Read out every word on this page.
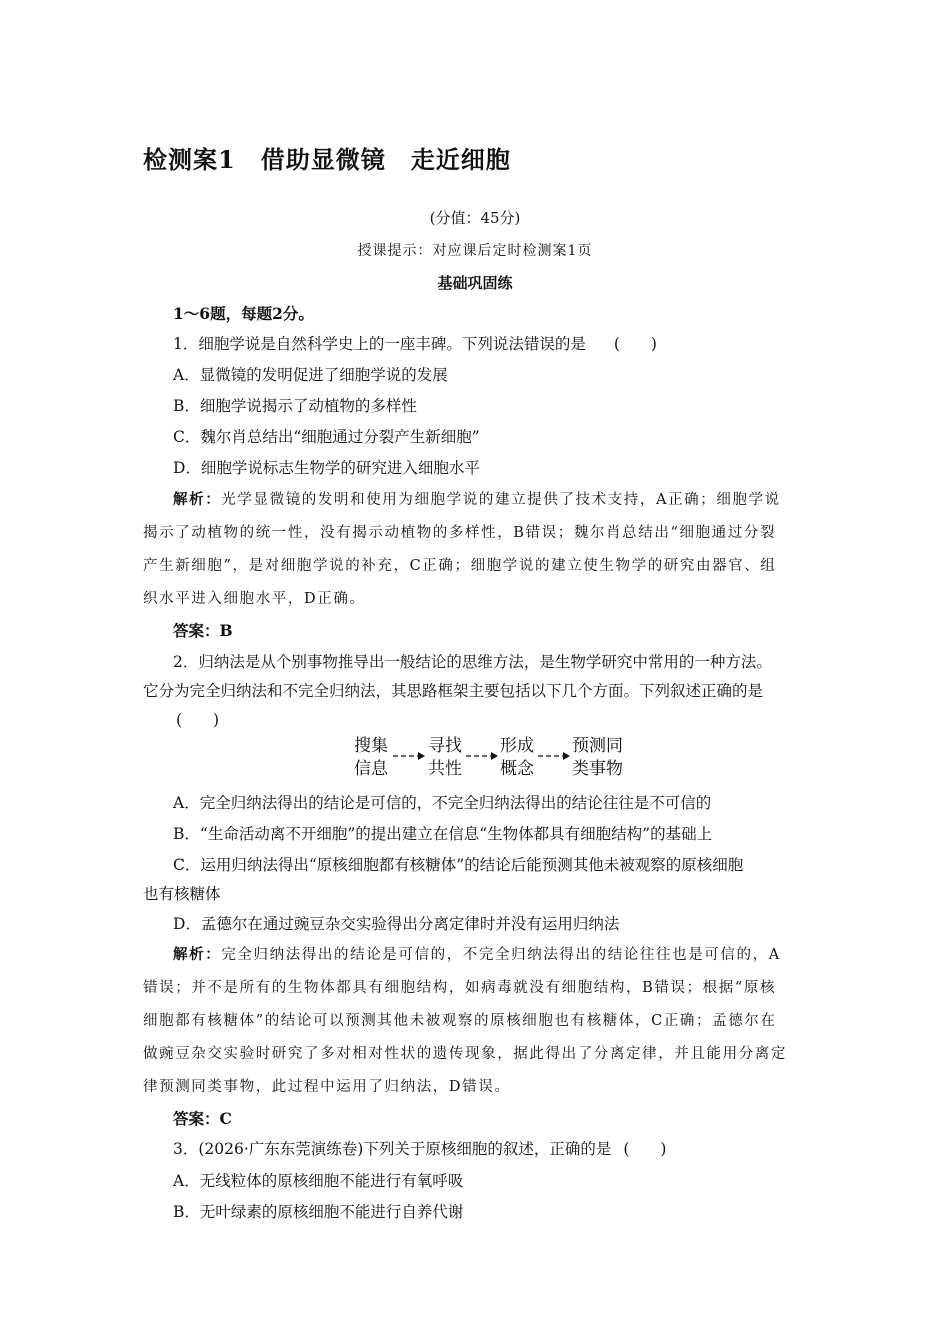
检测案1　借助显微镜　走近细胞
(分值：45分)
授课提示：对应课后定时检测案1页
基础巩固练
1～6题，每题2分。
1．细胞学说是自然科学史上的一座丰碑。下列说法错误的是 (　　)
A．显微镜的发明促进了细胞学说的发展
B．细胞学说揭示了动植物的多样性
C．魏尔肖总结出“细胞通过分裂产生新细胞”
D．细胞学说标志生物学的研究进入细胞水平
解析：光学显微镜的发明和使用为细胞学说的建立提供了技术支持，A正确；细胞学说
揭示了动植物的统一性，没有揭示动植物的多样性，B错误；魏尔肖总结出“细胞通过分裂
产生新细胞”，是对细胞学说的补充，C正确；细胞学说的建立使生物学的研究由器官、组
织水平进入细胞水平，D正确。
答案：B
2．归纳法是从个别事物推导出一般结论的思维方法，是生物学研究中常用的一种方法。
它分为完全归纳法和不完全归纳法，其思路框架主要包括以下几个方面。下列叙述正确的是
(　　)
搜集
信息
寻找
共性
形成
概念
预测同
类事物
A．完全归纳法得出的结论是可信的，不完全归纳法得出的结论往往是不可信的
B．“生命活动离不开细胞”的提出建立在信息“生物体都具有细胞结构”的基础上
C．运用归纳法得出“原核细胞都有核糖体”的结论后能预测其他未被观察的原核细胞
也有核糖体
D．孟德尔在通过豌豆杂交实验得出分离定律时并没有运用归纳法
解析：完全归纳法得出的结论是可信的，不完全归纳法得出的结论往往也是可信的，A
错误；并不是所有的生物体都具有细胞结构，如病毒就没有细胞结构，B错误；根据“原核
细胞都有核糖体”的结论可以预测其他未被观察的原核细胞也有核糖体，C正确；孟德尔在
做豌豆杂交实验时研究了多对相对性状的遗传现象，据此得出了分离定律，并且能用分离定
律预测同类事物，此过程中运用了归纳法，D错误。
答案：C
3．(2026·广东东莞演练卷)下列关于原核细胞的叙述，正确的是 (　　)
A．无线粒体的原核细胞不能进行有氧呼吸
B．无叶绿素的原核细胞不能进行自养代谢
